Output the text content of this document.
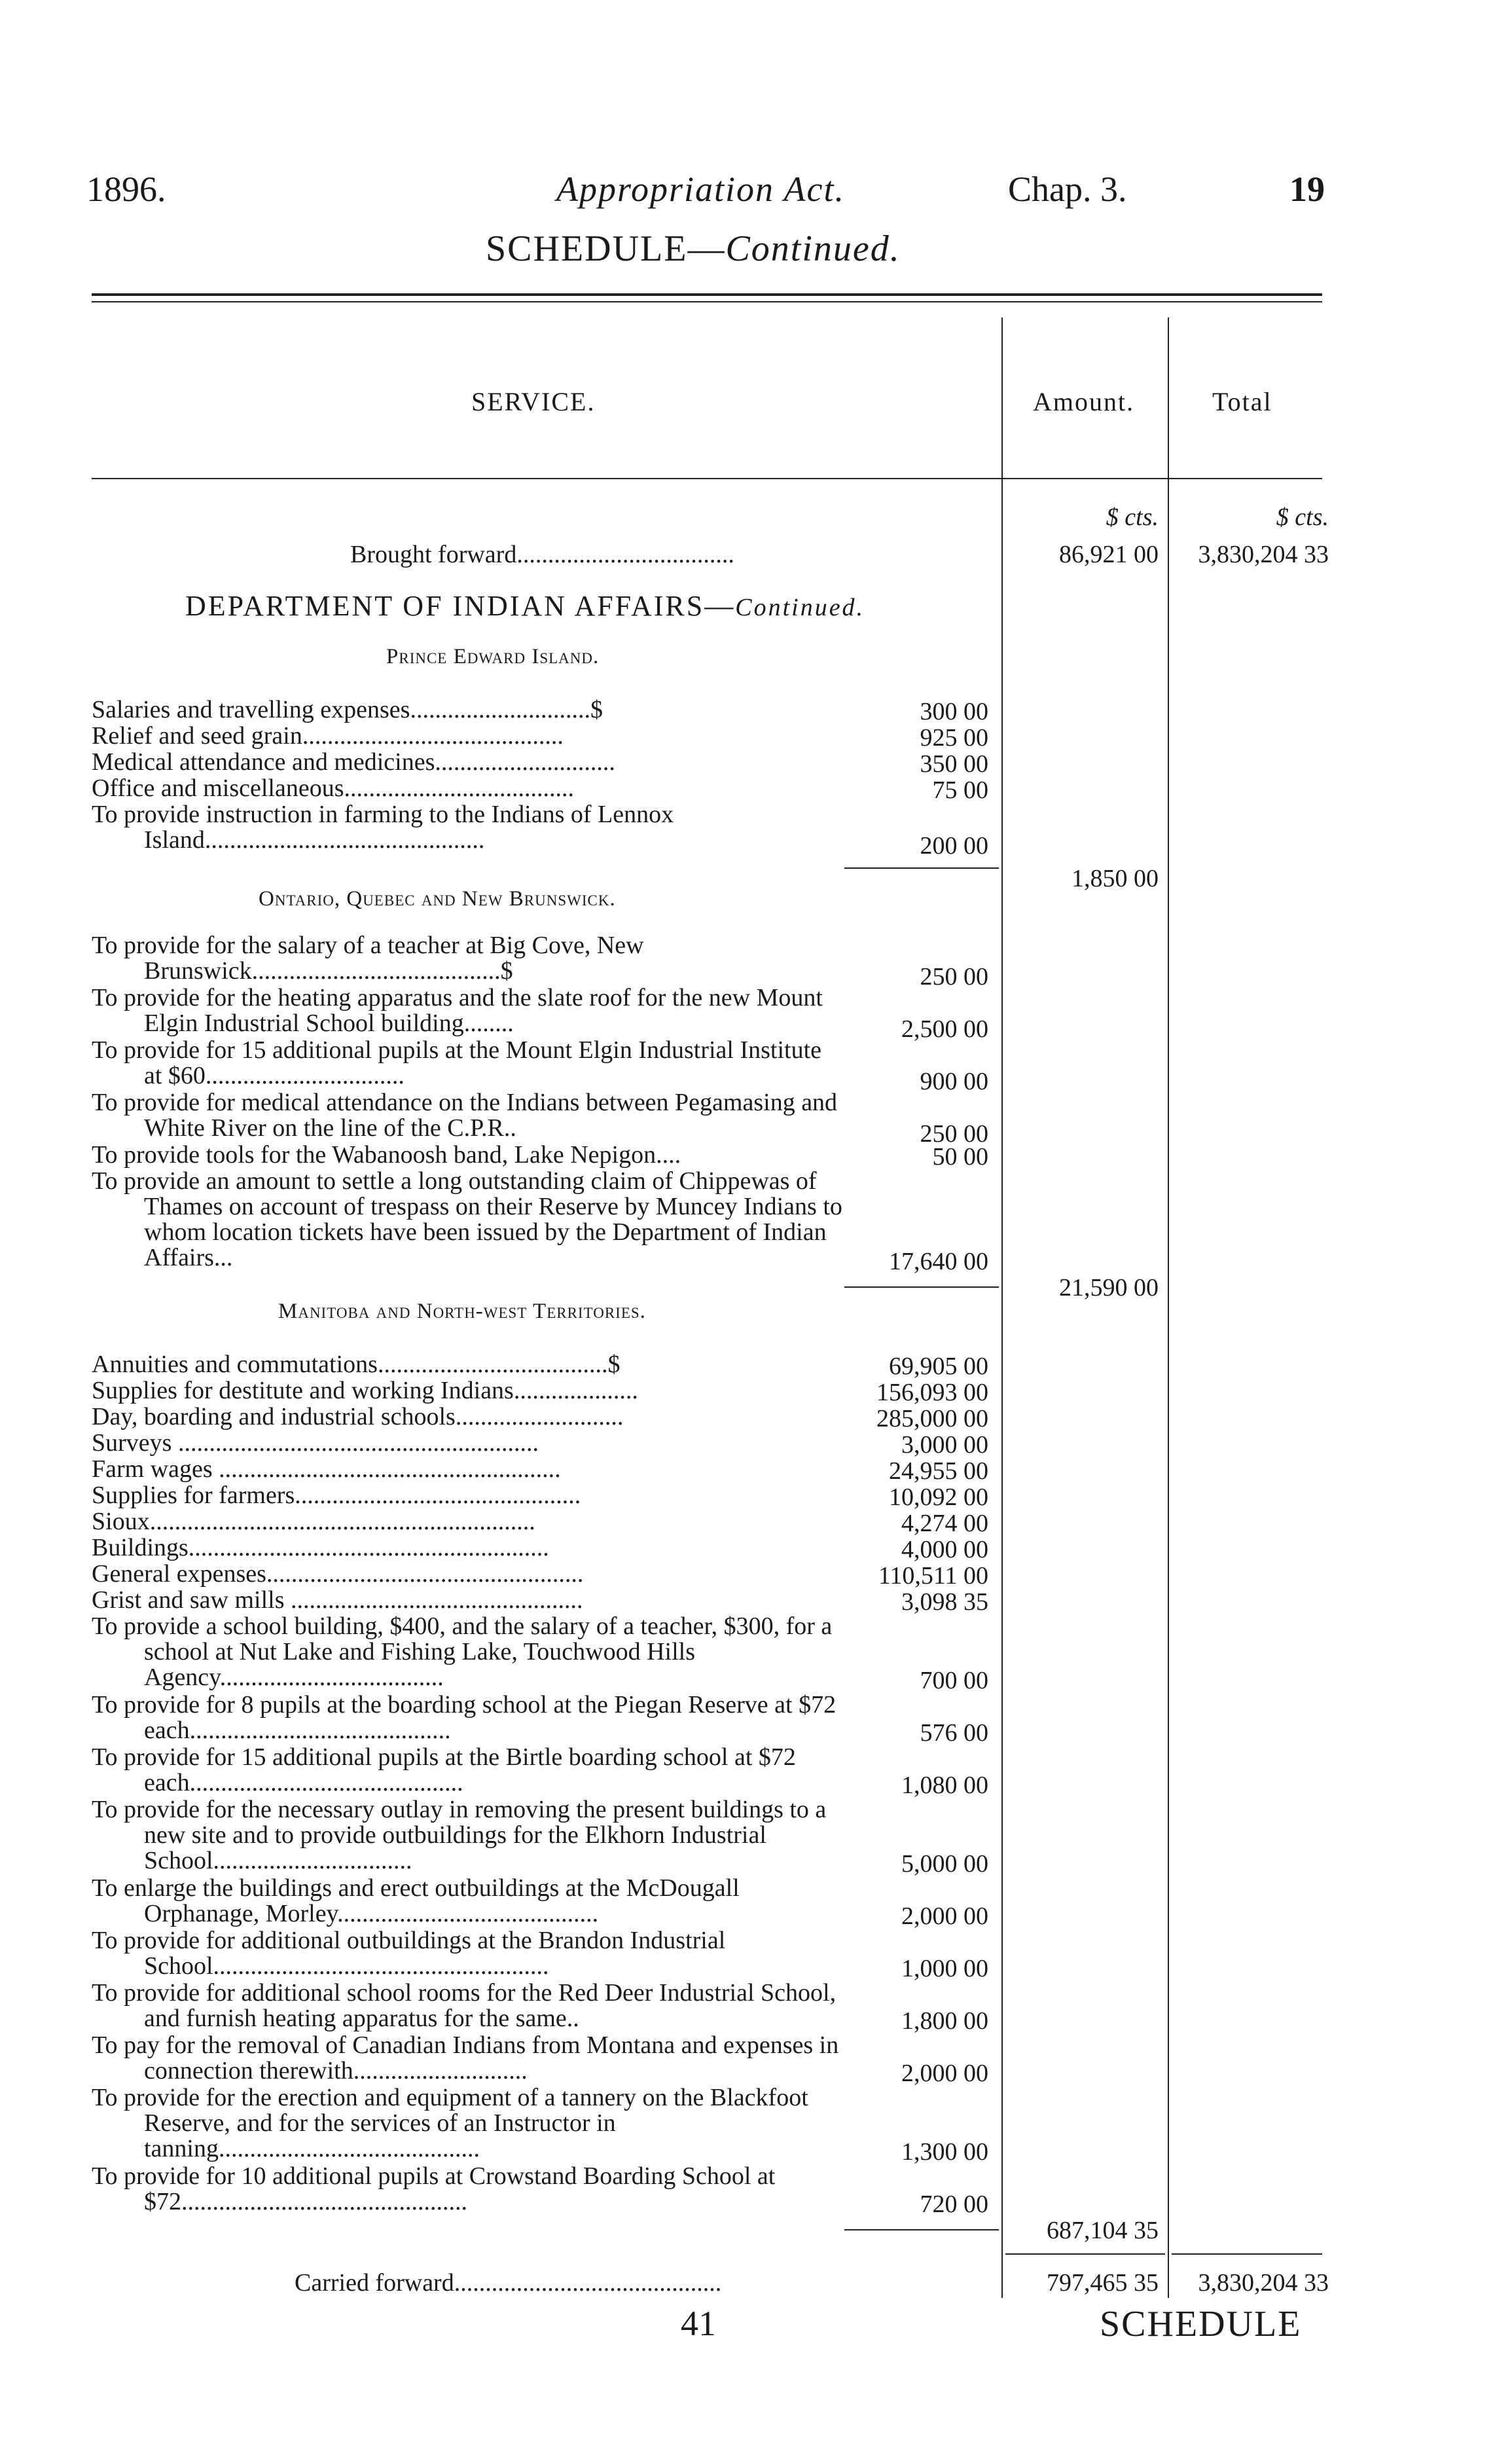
1896.	Appropriation Act.	Chap. 3.	19
SCHEDULE—Continued.
SERVICE.	Amount.	Total
$ cts.	$ cts.
Brought forward...................................	86,921 00	3,830,204 33
DEPARTMENT OF INDIAN AFFAIRS—Continued.
Prince Edward Island.
Salaries and travelling expenses.............................$	300 00
Relief and seed grain..........................................	925 00
Medical attendance and medicines.............................	350 00
Office and miscellaneous.....................................	75 00
To provide instruction in farming to the Indians of Lennox Island.............................................	200 00
1,850 00
Ontario, Quebec and New Brunswick.
To provide for the salary of a teacher at Big Cove, New Brunswick........................................$	250 00
To provide for the heating apparatus and the slate roof for the new Mount Elgin Industrial School building........	2,500 00
To provide for 15 additional pupils at the Mount Elgin Industrial Institute at $60................................	900 00
To provide for medical attendance on the Indians between Pegamasing and White River on the line of the C.P.R..	250 00
To provide tools for the Wabanoosh band, Lake Nepigon....	50 00
To provide an amount to settle a long outstanding claim of Chippewas of Thames on account of trespass on their Reserve by Muncey Indians to whom location tickets have been issued by the Department of Indian Affairs...	17,640 00
21,590 00
Manitoba and North-west Territories.
Annuities and commutations.....................................$	69,905 00
Supplies for destitute and working Indians....................	156,093 00
Day, boarding and industrial schools...........................	285,000 00
Surveys ..........................................................	3,000 00
Farm wages .......................................................	24,955 00
Supplies for farmers..............................................	10,092 00
Sioux..............................................................	4,274 00
Buildings..........................................................	4,000 00
General expenses...................................................	110,511 00
Grist and saw mills ...............................................	3,098 35
To provide a school building, $400, and the salary of a teacher, $300, for a school at Nut Lake and Fishing Lake, Touchwood Hills Agency....................................	700 00
To provide for 8 pupils at the boarding school at the Piegan Reserve at $72 each..........................................	576 00
To provide for 15 additional pupils at the Birtle boarding school at $72 each............................................	1,080 00
To provide for the necessary outlay in removing the present buildings to a new site and to provide outbuildings for the Elkhorn Industrial School................................	5,000 00
To enlarge the buildings and erect outbuildings at the McDougall Orphanage, Morley..........................................	2,000 00
To provide for additional outbuildings at the Brandon Industrial School......................................................	1,000 00
To provide for additional school rooms for the Red Deer Industrial School, and furnish heating apparatus for the same..	1,800 00
To pay for the removal of Canadian Indians from Montana and expenses in connection therewith............................	2,000 00
To provide for the erection and equipment of a tannery on the Blackfoot Reserve, and for the services of an Instructor in tanning..........................................	1,300 00
To provide for 10 additional pupils at Crowstand Boarding School at $72..............................................	720 00
687,104 35
Carried forward...........................................	797,465 35	3,830,204 33
41	SCHEDULE
